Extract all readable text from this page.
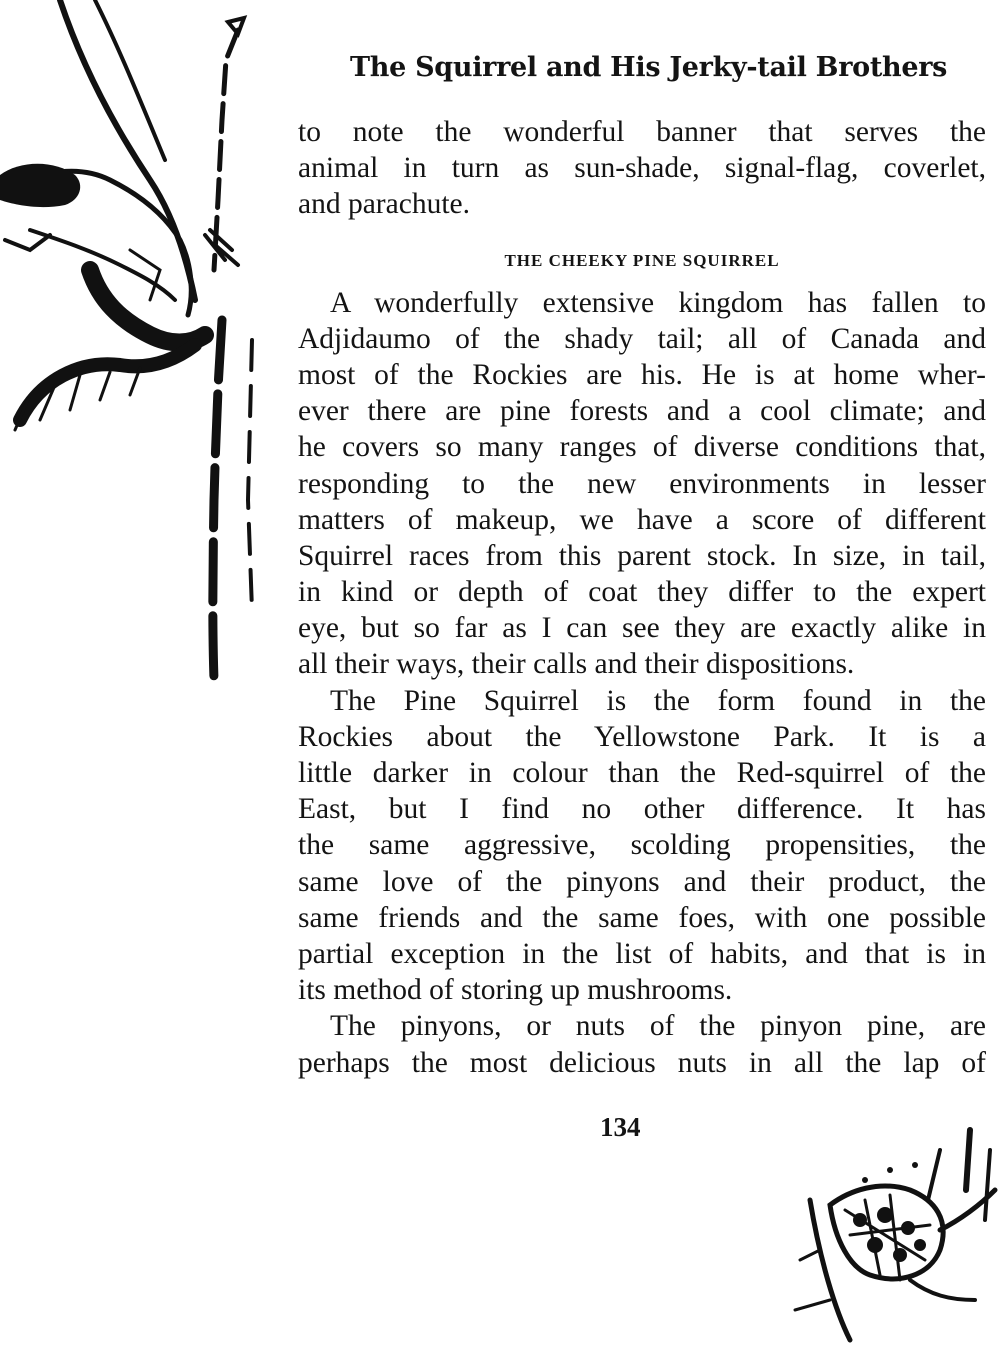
The Squirrel and His Jerky-tail Brothers
to note the wonderful banner that serves the
animal in turn as sun-shade, signal-flag, coverlet,
and parachute.
THE CHEEKY PINE SQUIRREL
A wonderfully extensive kingdom has fallen to
Adjidaumo of the shady tail; all of Canada and
most of the Rockies are his. He is at home wher-
ever there are pine forests and a cool climate; and
he covers so many ranges of diverse conditions that,
responding to the new environments in lesser
matters of makeup, we have a score of different
Squirrel races from this parent stock. In size, in tail,
in kind or depth of coat they differ to the expert
eye, but so far as I can see they are exactly alike in
all their ways, their calls and their dispositions.
The Pine Squirrel is the form found in the
Rockies about the Yellowstone Park. It is a
little darker in colour than the Red-squirrel of the
East, but I find no other difference. It has
the same aggressive, scolding propensities, the
same love of the pinyons and their product, the
same friends and the same foes, with one possible
partial exception in the list of habits, and that is in
its method of storing up mushrooms.
The pinyons, or nuts of the pinyon pine, are
perhaps the most delicious nuts in all the lap of
134
